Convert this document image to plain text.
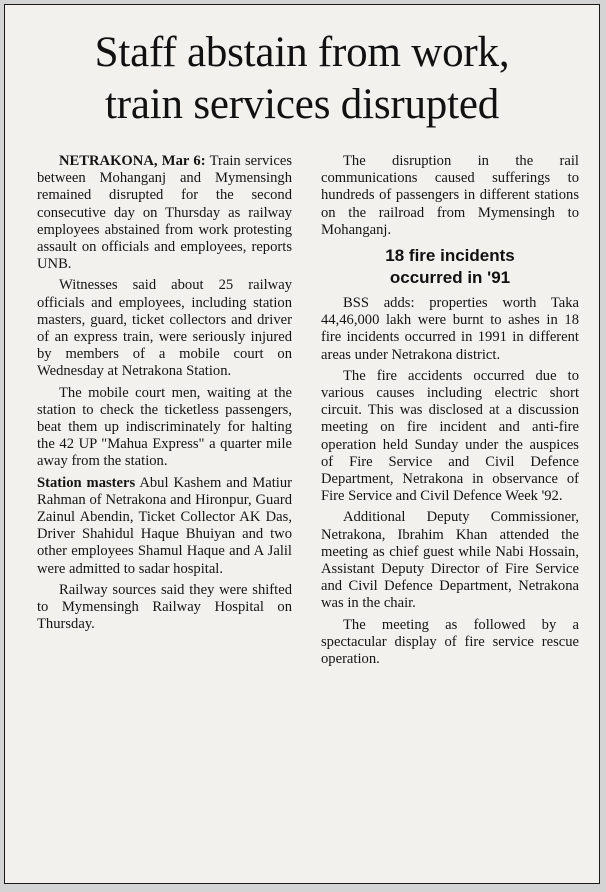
Staff abstain from work,
train services disrupted

NETRAKONA, Mar 6: Train services between Mohanganj and Mymensingh remained disrupted for the second consecutive day on Thursday as railway employees abstained from work protesting assault on officials and employees, reports UNB.

Witnesses said about 25 railway officials and employees, including station masters, guard, ticket collectors and driver of an express train, were seriously injured by members of a mobile court on Wednesday at Netrakona Station.

The mobile court men, waiting at the station to check the ticketless passengers, beat them up indiscriminately for halting the 42 UP "Mahua Express" a quarter mile away from the station.

Station masters Abul Kashem and Matiur Rahman of Netrakona and Hironpur, Guard Zainul Abendin, Ticket Collector AK Das, Driver Shahidul Haque Bhuiyan and two other employees Shamul Haque and A Jalil were admitted to sadar hospital.

Railway sources said they were shifted to Mymensingh Railway Hospital on Thursday.

The disruption in the rail communications caused sufferings to hundreds of passengers in different stations on the railroad from Mymensingh to Mohanganj.

18 fire incidents
occurred in '91

BSS adds: properties worth Taka 44,46,000 lakh were burnt to ashes in 18 fire incidents occurred in 1991 in different areas under Netrakona district.

The fire accidents occurred due to various causes including electric short circuit. This was disclosed at a discussion meeting on fire incident and anti-fire operation held Sunday under the auspices of Fire Service and Civil Defence Department, Netrakona in observance of Fire Service and Civil Defence Week '92.

Additional Deputy Commissioner, Netrakona, Ibrahim Khan attended the meeting as chief guest while Nabi Hossain, Assistant Deputy Director of Fire Service and Civil Defence Department, Netrakona was in the chair.

The meeting as followed by a spectacular display of fire service rescue operation.
